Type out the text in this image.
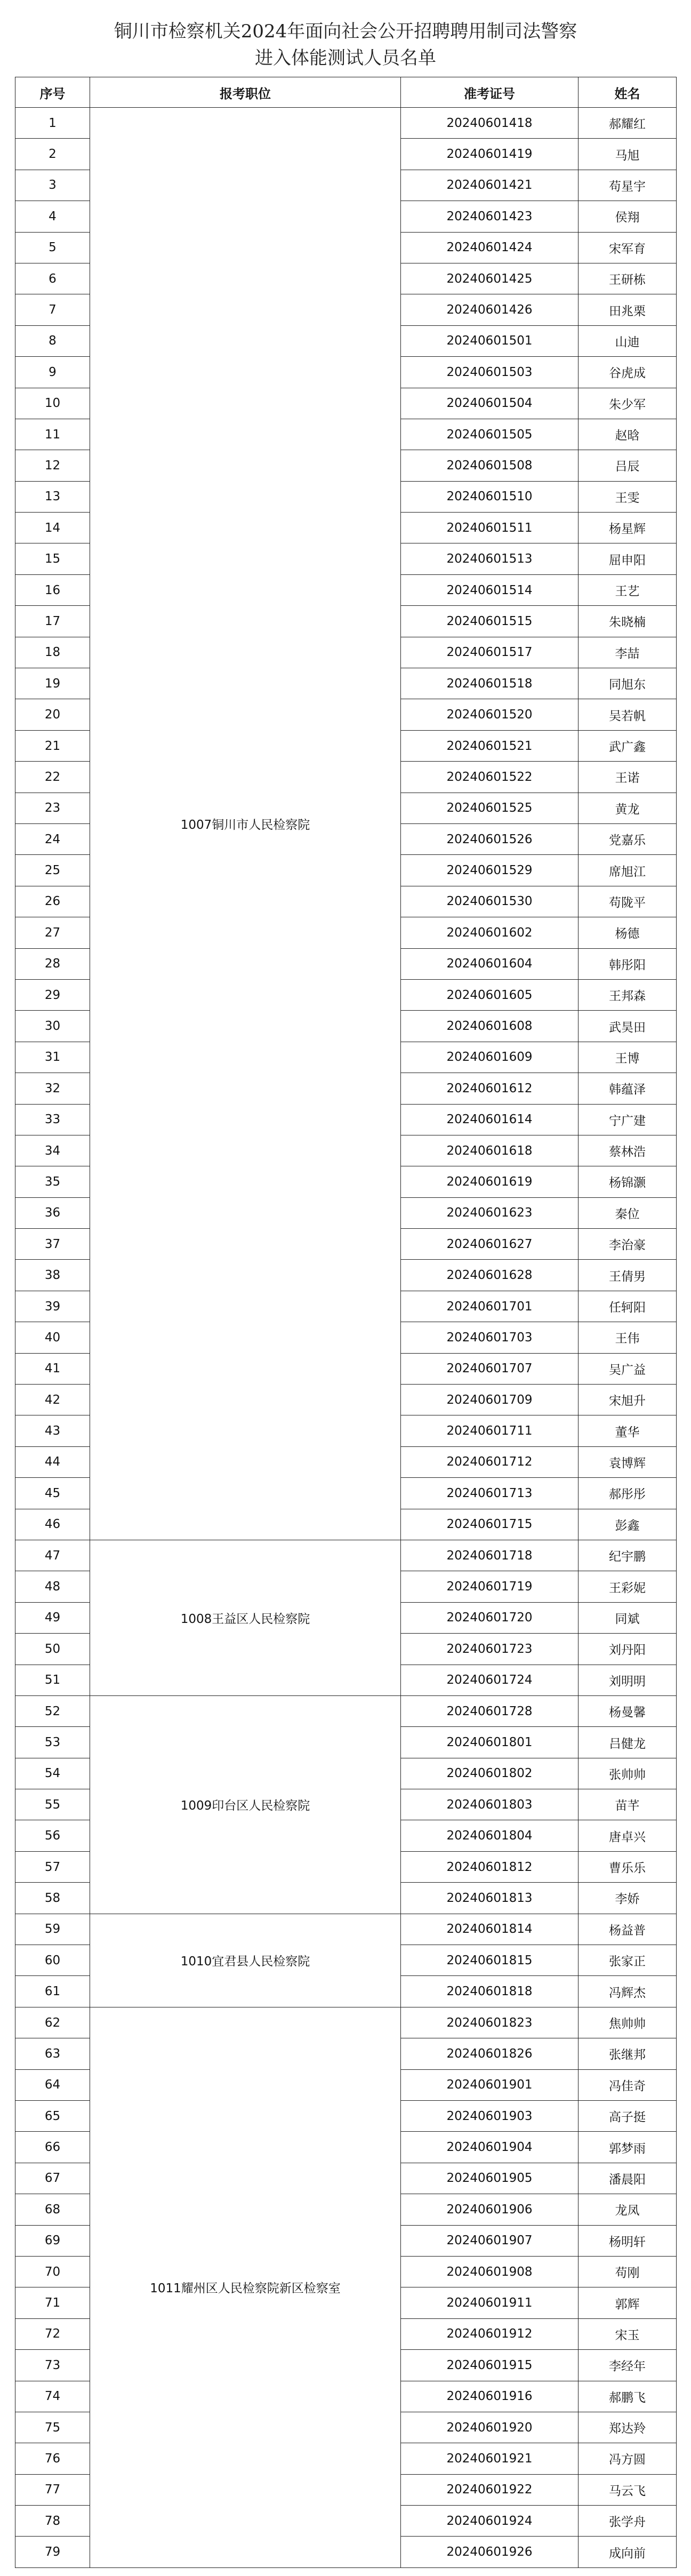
铜川市检察机关2024年面向社会公开招聘聘用制司法警察
进入体能测试人员名单
序号	报考职位	准考证号	姓名
1	1007铜川市人民检察院	20240601418	郝耀红
2		20240601419	马旭
3		20240601421	苟星宇
4		20240601423	侯翔
5		20240601424	宋军育
6		20240601425	王研栋
7		20240601426	田兆栗
8		20240601501	山迪
9		20240601503	谷虎成
10		20240601504	朱少军
11		20240601505	赵晗
12		20240601508	吕辰
13		20240601510	王雯
14		20240601511	杨星辉
15		20240601513	屈申阳
16		20240601514	王艺
17		20240601515	朱晓楠
18		20240601517	李喆
19		20240601518	同旭东
20		20240601520	吴若帆
21		20240601521	武广鑫
22		20240601522	王诺
23		20240601525	黄龙
24		20240601526	党嘉乐
25		20240601529	席旭江
26		20240601530	苟陇平
27		20240601602	杨德
28		20240601604	韩彤阳
29		20240601605	王邦森
30		20240601608	武昊田
31		20240601609	王博
32		20240601612	韩蕴泽
33		20240601614	宁广建
34		20240601618	蔡林浩
35		20240601619	杨锦灏
36		20240601623	秦位
37		20240601627	李治豪
38		20240601628	王倩男
39		20240601701	任轲阳
40		20240601703	王伟
41		20240601707	吴广益
42		20240601709	宋旭升
43		20240601711	董华
44		20240601712	袁博辉
45		20240601713	郝彤彤
46		20240601715	彭鑫
47	1008王益区人民检察院	20240601718	纪宇鹏
48		20240601719	王彩妮
49		20240601720	同斌
50		20240601723	刘丹阳
51		20240601724	刘明明
52	1009印台区人民检察院	20240601728	杨曼馨
53		20240601801	吕健龙
54		20240601802	张帅帅
55		20240601803	苗芊
56		20240601804	唐卓兴
57		20240601812	曹乐乐
58		20240601813	李娇
59	1010宜君县人民检察院	20240601814	杨益普
60		20240601815	张家正
61		20240601818	冯辉杰
62	1011耀州区人民检察院新区检察室	20240601823	焦帅帅
63		20240601826	张继邦
64		20240601901	冯佳奇
65		20240601903	高子挺
66		20240601904	郭梦雨
67		20240601905	潘晨阳
68		20240601906	龙凤
69		20240601907	杨明轩
70		20240601908	苟刚
71		20240601911	郭辉
72		20240601912	宋玉
73		20240601915	李经年
74		20240601916	郝鹏飞
75		20240601920	郑达羚
76		20240601921	冯方圆
77		20240601922	马云飞
78		20240601924	张学舟
79		20240601926	成向前
